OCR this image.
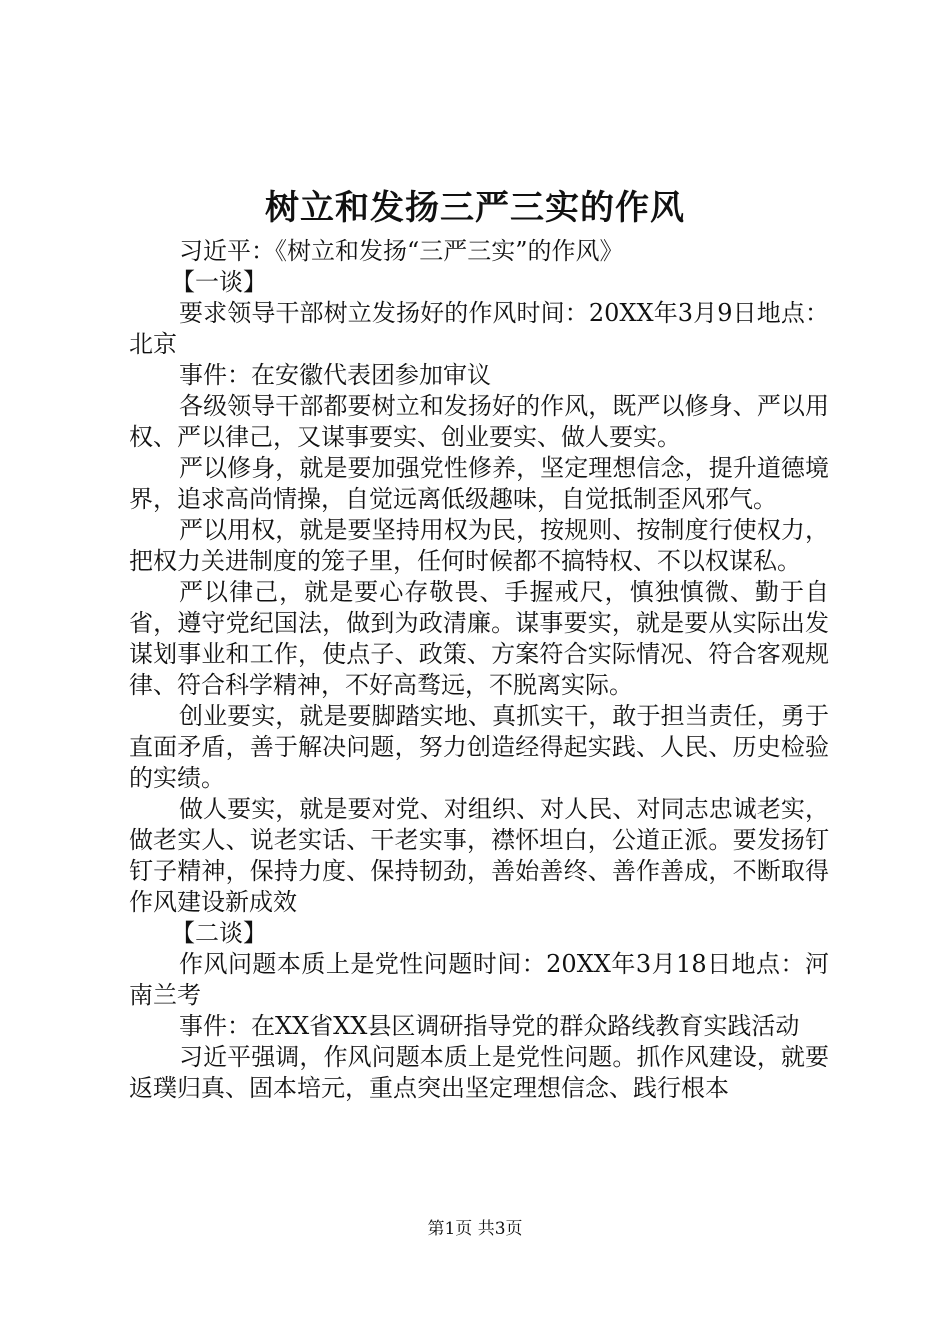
树立和发扬三严三实的作风

习近平：《树立和发扬“三严三实”的作风》

【一谈】

要求领导干部树立发扬好的作风时间：20XX年3月9日地点：北京

事件：在安徽代表团参加审议

各级领导干部都要树立和发扬好的作风，既严以修身、严以用权、严以律己，又谋事要实、创业要实、做人要实。

严以修身，就是要加强党性修养，坚定理想信念，提升道德境界，追求高尚情操，自觉远离低级趣味，自觉抵制歪风邪气。

严以用权，就是要坚持用权为民，按规则、按制度行使权力，把权力关进制度的笼子里，任何时候都不搞特权、不以权谋私。

严以律己，就是要心存敬畏、手握戒尺，慎独慎微、勤于自省，遵守党纪国法，做到为政清廉。谋事要实，就是要从实际出发谋划事业和工作，使点子、政策、方案符合实际情况、符合客观规律、符合科学精神，不好高骛远，不脱离实际。

创业要实，就是要脚踏实地、真抓实干，敢于担当责任，勇于直面矛盾，善于解决问题，努力创造经得起实践、人民、历史检验的实绩。

做人要实，就是要对党、对组织、对人民、对同志忠诚老实，做老实人、说老实话、干老实事，襟怀坦白，公道正派。要发扬钉钉子精神，保持力度、保持韧劲，善始善终、善作善成，不断取得作风建设新成效

【二谈】

作风问题本质上是党性问题时间：20XX年3月18日地点：河南兰考

事件：在XX省XX县区调研指导党的群众路线教育实践活动

习近平强调，作风问题本质上是党性问题。抓作风建设，就要返璞归真、固本培元，重点突出坚定理想信念、践行根本

第1页 共3页
